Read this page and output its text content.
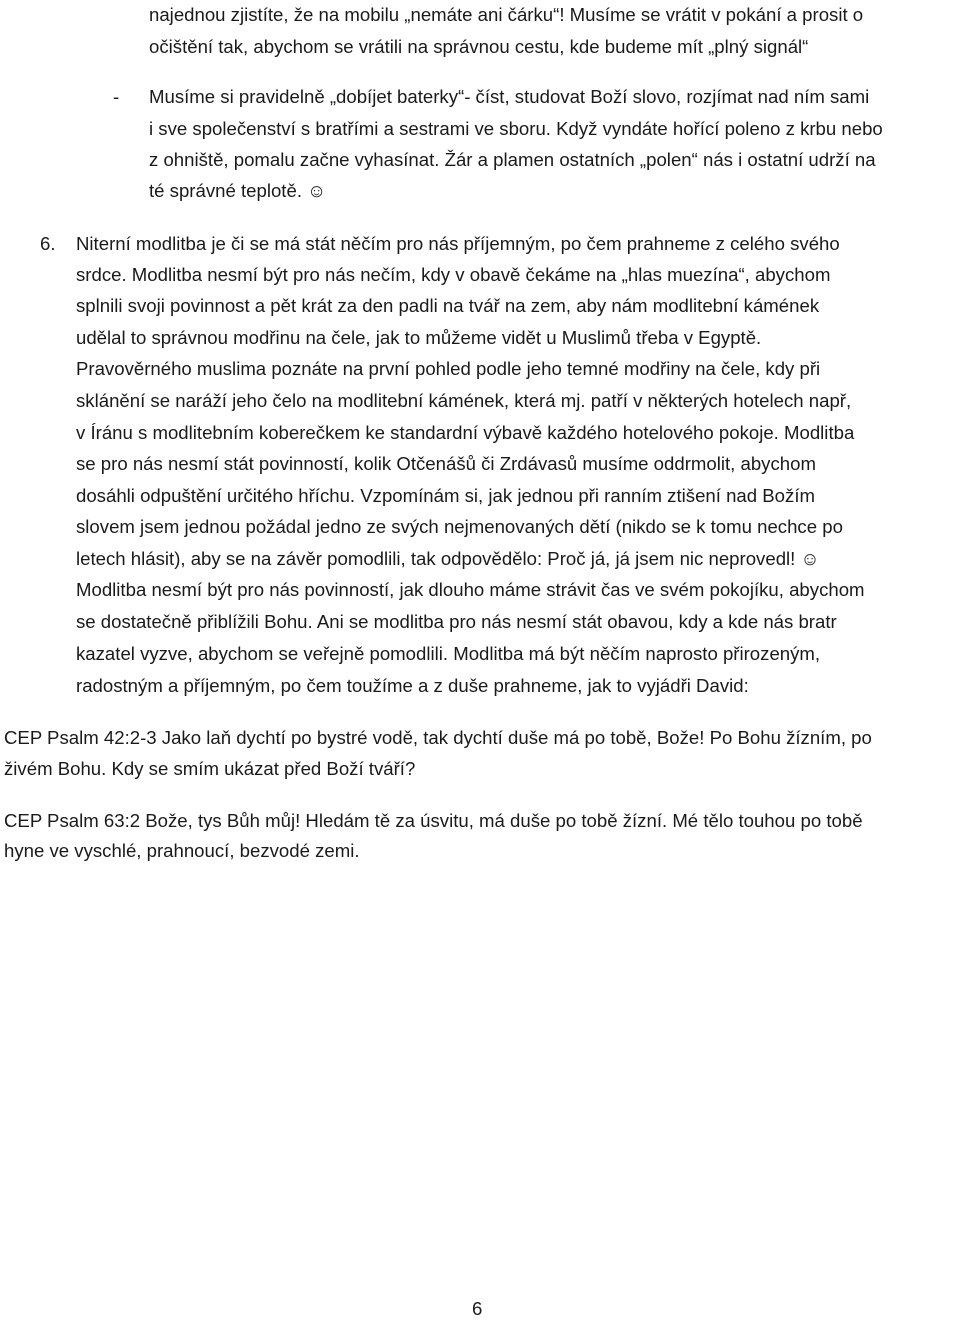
najednou zjistíte, že na mobilu „nemáte ani čárku“! Musíme se vrátit v pokání a prosit o
očištění tak, abychom se vrátili na správnou cestu, kde budeme mít „plný signál“
- Musíme si pravidelně „dobíjet baterky“- číst, studovat Boží slovo, rozjímat nad ním sami
i sve společenství s bratřími a sestrami ve sboru. Když vyndáte hořící poleno z krbu nebo
z ohniště, pomalu začne vyhasínat. Žár a plamen ostatních „polen“ nás i ostatní udrží na
té správné teplotě. ☺
6. Niterní modlitba je či se má stát něčím pro nás příjemným, po čem prahneme z celého svého
srdce. Modlitba nesmí být pro nás nečím, kdy v obavě čekáme na „hlas muezína“, abychom
splnili svoji povinnost a pět krát za den padli na tvář na zem, aby nám modlitební kámének
udělal to správnou modřinu na čele, jak to můžeme vidět u Muslimů třeba v Egyptě.
Pravověrného muslima poznáte na první pohled podle jeho temné modřiny na čele, kdy při
sklánění se naráží jeho čelo na modlitební kámének, která mj. patří v některých hotelech např,
v Íránu s modlitebním koberečkem ke standardní výbavě každého hotelového pokoje. Modlitba
se pro nás nesmí stát povinností, kolik Otčenášů či Zrdávasů musíme oddrmolit, abychom
dosáhli odpuštění určitého hříchu. Vzpomínám si, jak jednou při ranním ztišení nad Božím
slovem jsem jednou požádal jedno ze svých nejmenovaných dětí (nikdo se k tomu nechce po
letech hlásit), aby se na závěr pomodlili, tak odpovědělo: Proč já, já jsem nic neprovedl! ☺
Modlitba nesmí být pro nás povinností, jak dlouho máme strávit čas ve svém pokojíku, abychom
se dostatečně přiblížili Bohu. Ani se modlitba pro nás nesmí stát obavou, kdy a kde nás bratr
kazatel vyzve, abychom se veřejně pomodlili. Modlitba má být něčím naprosto přirozeným,
radostným a příjemným, po čem toužíme a z duše prahneme, jak to vyjádři David:
CEP Psalm 42:2-3 Jako laň dychtí po bystré vodě, tak dychtí duše má po tobě, Bože! Po Bohu žízním, po
živém Bohu. Kdy se smím ukázat před Boží tváří?
CEP Psalm 63:2 Bože, tys Bůh můj! Hledám tě za úsvitu, má duše po tobě žízní. Mé tělo touhou po tobě
hyne ve vyschlé, prahnoucí, bezvodé zemi.
6
